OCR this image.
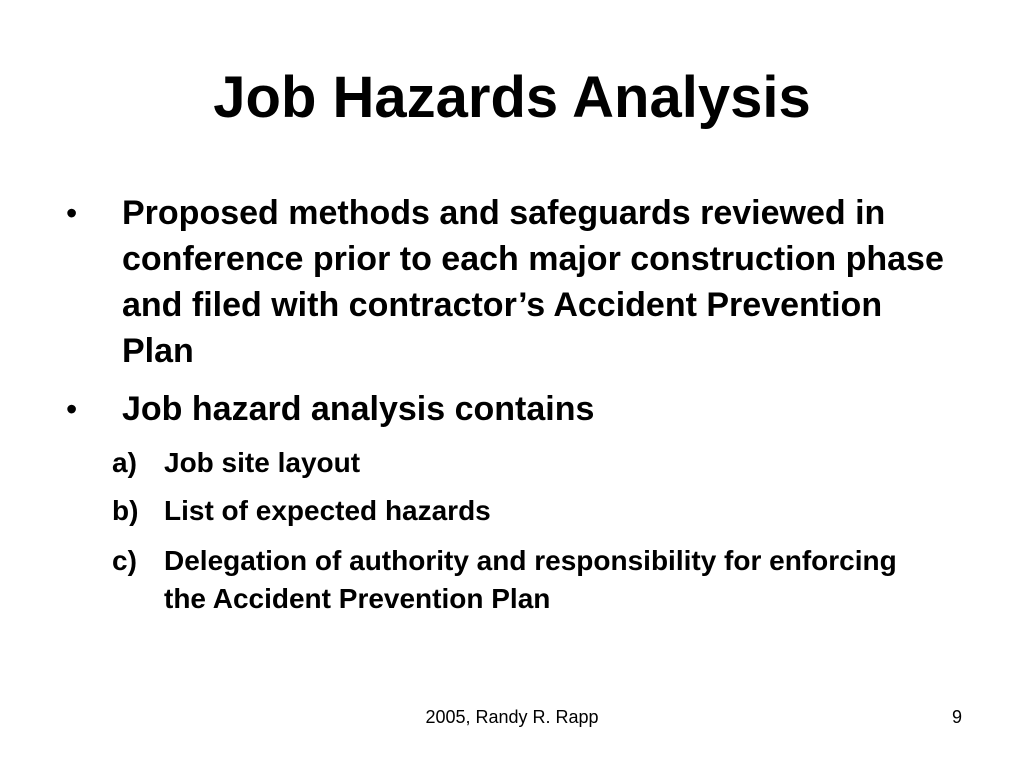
Job Hazards Analysis
• Proposed methods and safeguards reviewed in conference prior to each major construction phase and filed with contractor’s Accident Prevention Plan
• Job hazard analysis contains
a) Job site layout
b) List of expected hazards
c) Delegation of authority and responsibility for enforcing the Accident Prevention Plan
2005, Randy R. Rapp	9
